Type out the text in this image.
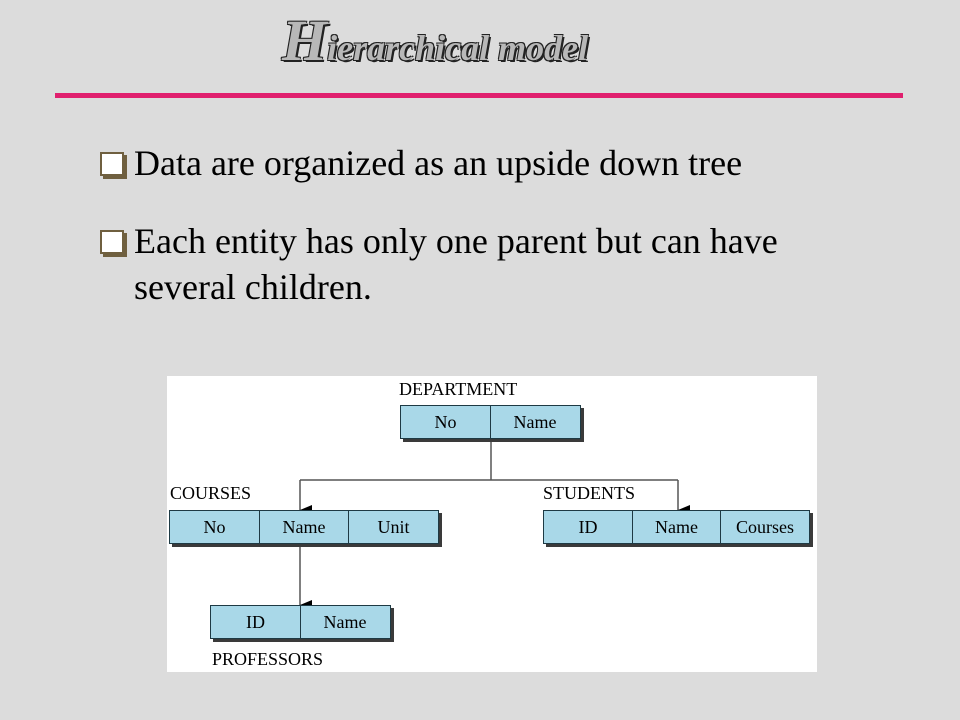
Hierarchical model
Data are organized as an upside down tree
Each entity has only one parent but can have several children.
DEPARTMENT
No	Name
COURSES
No	Name	Unit
STUDENTS
ID	Name	Courses
ID	Name
PROFESSORS
